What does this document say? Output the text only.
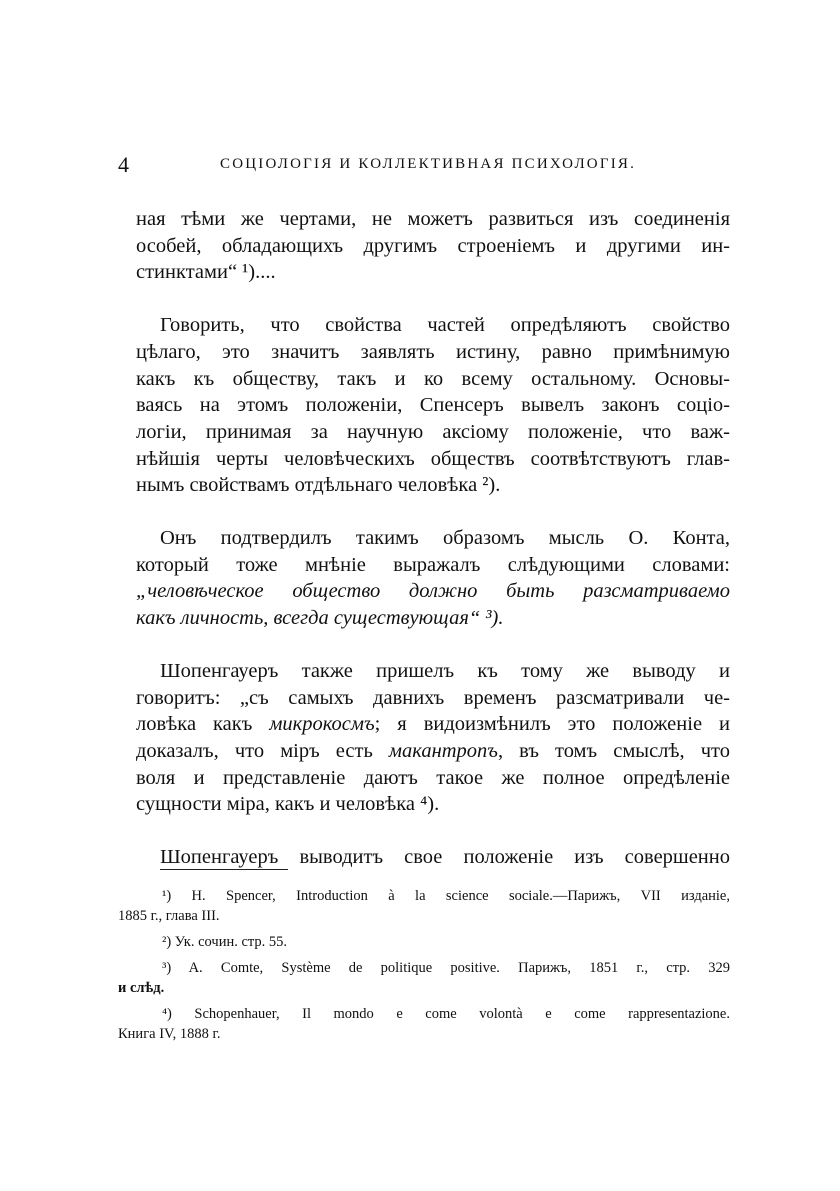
4	СОЦІОЛОГІЯ И КОЛЛЕКТИВНАЯ ПСИХОЛОГІЯ.
ная тѣми же чертами, не можетъ развиться изъ соединенія
особей, обладающихъ другимъ строеніемъ и другими ин-
стинктами“ ¹)....
Говорить, что свойства частей опредѣляютъ свойство
цѣлаго, это значитъ заявлять истину, равно примѣнимую
какъ къ обществу, такъ и ко всему остальному. Основы-
ваясь на этомъ положеніи, Спенсеръ вывелъ законъ соціо-
логіи, принимая за научную аксіому положеніе, что важ-
нѣйшія черты человѣческихъ обществъ соотвѣтствуютъ глав-
нымъ свойствамъ отдѣльнаго человѣка ²).
Онъ подтвердилъ такимъ образомъ мысль О. Конта,
который тоже мнѣніе выражалъ слѣдующими словами:
„человѣческое общество должно быть разсматриваемо
какъ личность, всегда существующая“ ³).
Шопенгауеръ также пришелъ къ тому же выводу и
говоритъ: „съ самыхъ давнихъ временъ разсматривали че-
ловѣка какъ микрокосмъ; я видоизмѣнилъ это положеніе и
доказалъ, что міръ есть макантропъ, въ томъ смыслѣ, что
воля и представленіе даютъ такое же полное опредѣленіе
сущности міра, какъ и человѣка ⁴).
Шопенгауеръ выводитъ свое положеніе изъ совершенно
¹) H. Spencer, Introduction à la science sociale.—Парижъ, VII изданіе,
1885 г., глава III.
²) Ук. сочин. стр. 55.
³) A. Comte, Système de politique positive. Парижъ, 1851 г., стр. 329
и слѣд.
⁴) Schopenhauer, Il mondo e come volontà e come rappresentazione.
Книга IV, 1888 г.
